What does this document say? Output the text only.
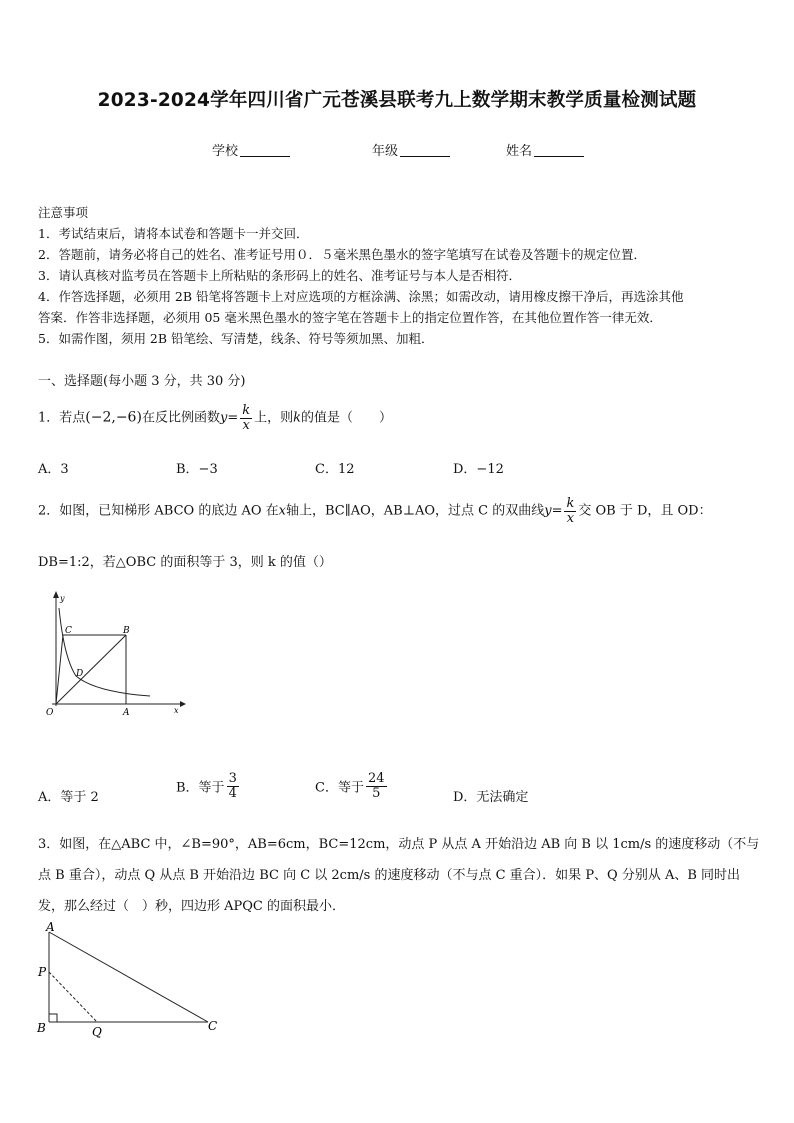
2023-2024学年四川省广元苍溪县联考九上数学期末教学质量检测试题
学校	年级	姓名
注意事项
1．考试结束后，请将本试卷和答题卡一并交回．
2．答题前，请务必将自己的姓名、准考证号用０．５毫米黑色墨水的签字笔填写在试卷及答题卡的规定位置．
3．请认真核对监考员在答题卡上所粘贴的条形码上的姓名、准考证号与本人是否相符．
4．作答选择题，必须用 2B 铅笔将答题卡上对应选项的方框涂满、涂黑；如需改动，请用橡皮擦干净后，再选涂其他
答案．作答非选择题，必须用 05 毫米黑色墨水的签字笔在答题卡上的指定位置作答，在其他位置作答一律无效．
5．如需作图，须用 2B 铅笔绘、写清楚，线条、符号等须加黑、加粗．
一、选择题(每小题 3 分，共 30 分)
1．若点(−2,−6)在反比例函数$y= \frac{k}{x}$ 上，则k的值是（　　）
A．3	B．−3	C．12	D．−12
2．如图，已知梯形 ABCO 的底边 AO 在x轴上，BC∥AO，AB⊥AO，过点 C 的双曲线$y= \frac{k}{x}$ 交 OB 于 D，且 OD：
DB=1:2，若△OBC 的面积等于 3，则 k 的值（）
C	B
D
O	A
y
x
A．等于 2
B．等于 $\frac{3}{4}$	C．等于 $\frac{24}{5}$	D．无法确定
3．如图，在△ABC 中，∠B=90°，AB=6cm，BC=12cm，动点 P 从点 A 开始沿边 AB 向 B 以 1cm/s 的速度移动（不与
点 B 重合），动点 Q 从点 B 开始沿边 BC 向 C 以 2cm/s 的速度移动（不与点 C 重合）．如果 P、Q 分别从 A、B 同时出
发，那么经过（　）秒，四边形 APQC 的面积最小．
A
P
B	Q	C
